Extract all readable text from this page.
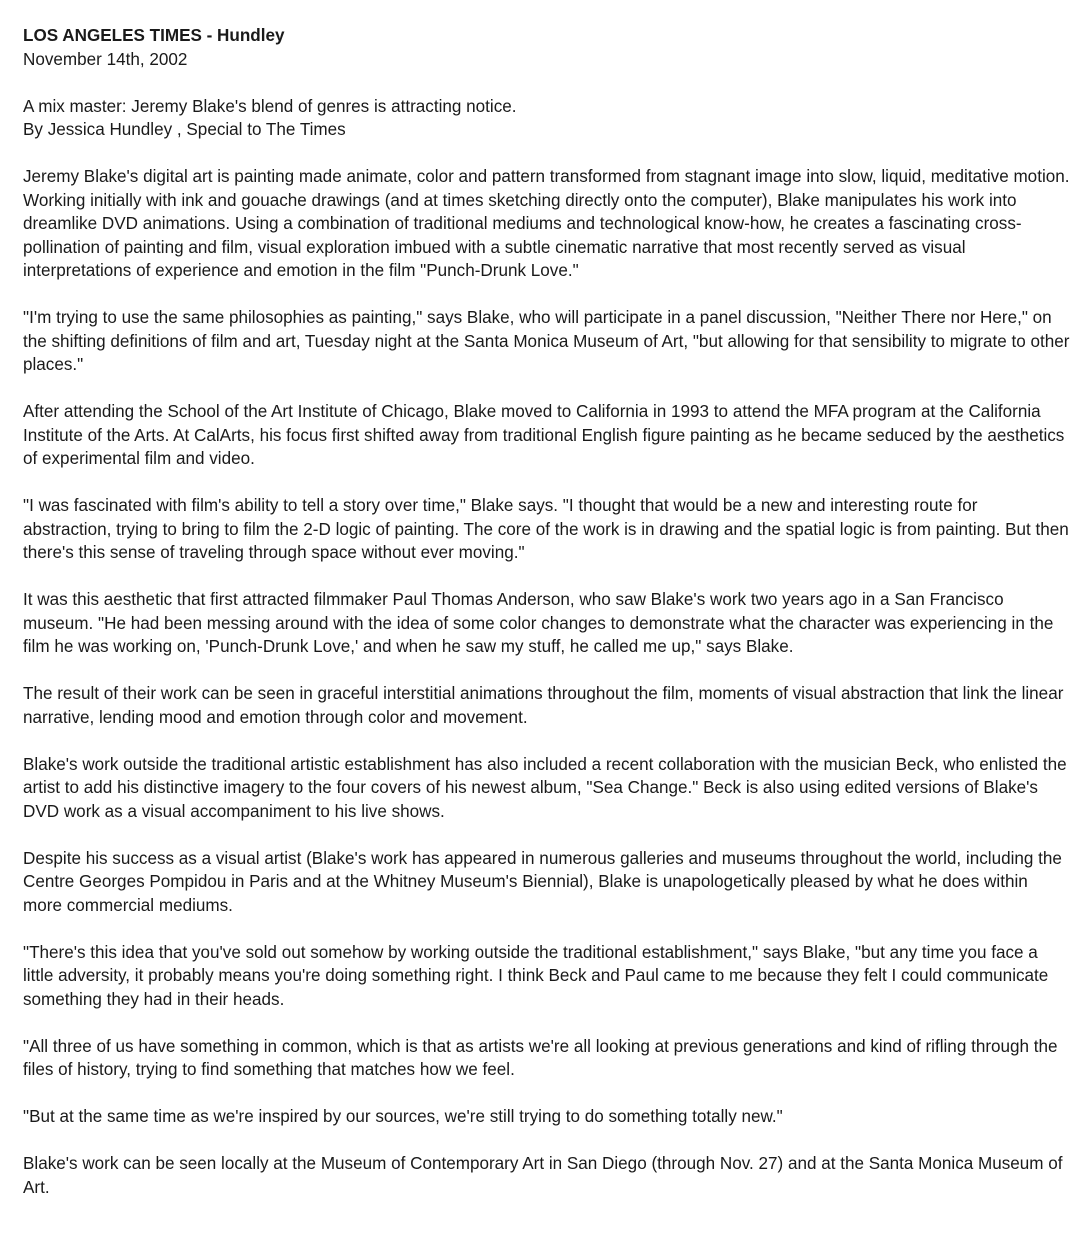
LOS ANGELES TIMES - Hundley

November 14th, 2002

A mix master: Jeremy Blake's blend of genres is attracting notice.

By Jessica Hundley , Special to The Times

Jeremy Blake's digital art is painting made animate, color and pattern transformed from stagnant image into slow, liquid, meditative motion. Working initially with ink and gouache drawings (and at times sketching directly onto the computer), Blake manipulates his work into dreamlike DVD animations. Using a combination of traditional mediums and technological know-how, he creates a fascinating cross-pollination of painting and film, visual exploration imbued with a subtle cinematic narrative that most recently served as visual interpretations of experience and emotion in the film "Punch-Drunk Love."

"I'm trying to use the same philosophies as painting," says Blake, who will participate in a panel discussion, "Neither There nor Here," on the shifting definitions of film and art, Tuesday night at the Santa Monica Museum of Art, "but allowing for that sensibility to migrate to other places."

After attending the School of the Art Institute of Chicago, Blake moved to California in 1993 to attend the MFA program at the California Institute of the Arts. At CalArts, his focus first shifted away from traditional English figure painting as he became seduced by the aesthetics of experimental film and video.

"I was fascinated with film's ability to tell a story over time," Blake says. "I thought that would be a new and interesting route for abstraction, trying to bring to film the 2-D logic of painting. The core of the work is in drawing and the spatial logic is from painting. But then there's this sense of traveling through space without ever moving."

It was this aesthetic that first attracted filmmaker Paul Thomas Anderson, who saw Blake's work two years ago in a San Francisco museum. "He had been messing around with the idea of some color changes to demonstrate what the character was experiencing in the film he was working on, 'Punch-Drunk Love,' and when he saw my stuff, he called me up," says Blake.

The result of their work can be seen in graceful interstitial animations throughout the film, moments of visual abstraction that link the linear narrative, lending mood and emotion through color and movement.

Blake's work outside the traditional artistic establishment has also included a recent collaboration with the musician Beck, who enlisted the artist to add his distinctive imagery to the four covers of his newest album, "Sea Change." Beck is also using edited versions of Blake's DVD work as a visual accompaniment to his live shows.

Despite his success as a visual artist (Blake's work has appeared in numerous galleries and museums throughout the world, including the Centre Georges Pompidou in Paris and at the Whitney Museum's Biennial), Blake is unapologetically pleased by what he does within more commercial mediums.

"There's this idea that you've sold out somehow by working outside the traditional establishment," says Blake, "but any time you face a little adversity, it probably means you're doing something right. I think Beck and Paul came to me because they felt I could communicate something they had in their heads.

"All three of us have something in common, which is that as artists we're all looking at previous generations and kind of rifling through the files of history, trying to find something that matches how we feel.

"But at the same time as we're inspired by our sources, we're still trying to do something totally new."

Blake's work can be seen locally at the Museum of Contemporary Art in San Diego (through Nov. 27) and at the Santa Monica Museum of Art.
